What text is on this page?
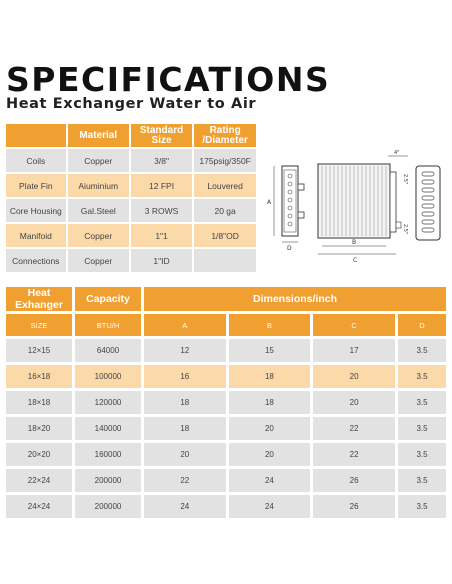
SPECIFICATIONS
Heat Exchanger Water to Air
	Material	Standard Size	Rating /Diameter
Coils	Copper	3/8"	175psig/350F
Plate Fin	Aiuminium	12 FPI	Louvered
Core Housing	Gal.Steel	3 ROWS	20 ga
Manifoid	Copper	1"1	1/8"OD
Connections	Copper	1"ID	
A
D
B
C
2.5"
2.5"
4"
Heat Exhanger	Capacity	Dimensions/inch			
SIZE	BTU/H	A	B	C	D
12×15	64000	12	15	17	3.5
16×18	100000	16	18	20	3.5
18×18	120000	18	18	20	3.5
18×20	140000	18	20	22	3.5
20×20	160000	20	20	22	3.5
22×24	200000	22	24	26	3.5
24×24	200000	24	24	26	3.5
